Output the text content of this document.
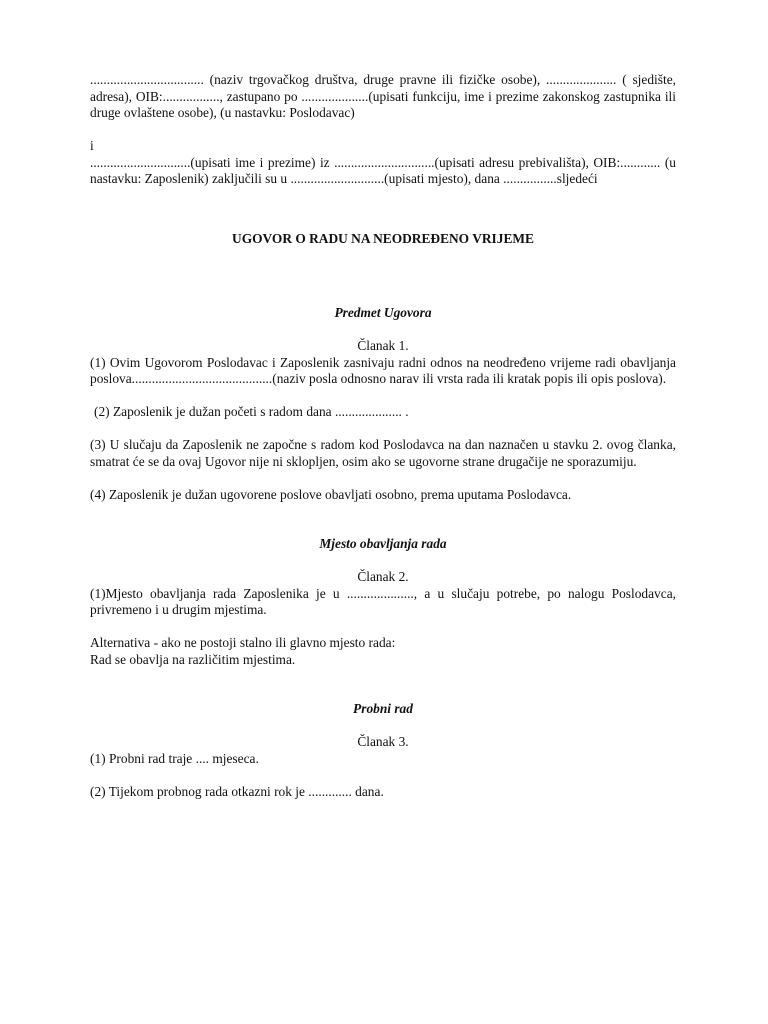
.................................. (naziv trgovačkog društva, druge pravne ili fizičke osobe), ..................... ( sjedište, adresa), OIB:................., zastupano po ....................(upisati funkciju, ime i prezime zakonskog zastupnika ili druge ovlaštene osobe), (u nastavku: Poslodavac)

i

..............................(upisati ime i prezime) iz ..............................(upisati adresu prebivališta), OIB:............ (u nastavku: Zaposlenik) zaključili su u ............................(upisati mjesto), dana ................sljedeći

UGOVOR O RADU NA NEODREĐENO VRIJEME

Predmet Ugovora

Članak 1.

(1) Ovim Ugovorom Poslodavac i Zaposlenik zasnivaju radni odnos na neodređeno vrijeme radi obavljanja poslova..........................................(naziv posla odnosno narav ili vrsta rada ili kratak popis ili opis poslova).

(2) Zaposlenik je dužan početi s radom dana .................... .

(3) U slučaju da Zaposlenik ne započne s radom kod Poslodavca na dan naznačen u stavku 2. ovog članka, smatrat će se da ovaj Ugovor nije ni sklopljen, osim ako se ugovorne strane drugačije ne sporazumiju.

(4) Zaposlenik je dužan ugovorene poslove obavljati osobno, prema uputama Poslodavca.

Mjesto obavljanja rada

Članak 2.

(1)Mjesto obavljanja rada Zaposlenika je u ...................., a u slučaju potrebe, po nalogu Poslodavca, privremeno i u drugim mjestima.

Alternativa - ako ne postoji stalno ili glavno mjesto rada:

Rad se obavlja na različitim mjestima.

Probni rad

Članak 3.

(1) Probni rad traje .... mjeseca.

(2) Tijekom probnog rada otkazni rok je ............. dana.
